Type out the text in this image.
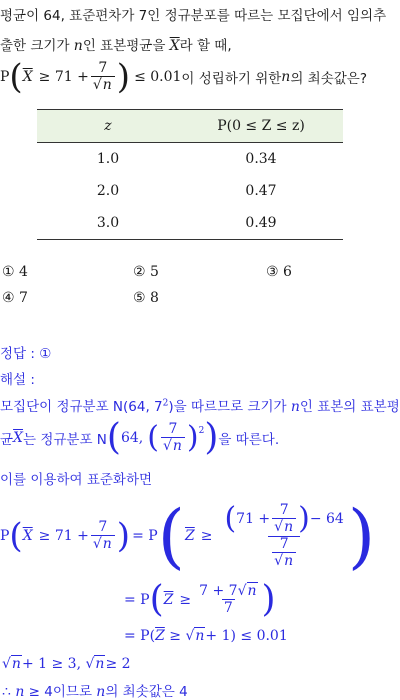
평균이 64, 표준편차가 7인 정규분포를 따르는 모집단에서 임의추
출한 크기가 n인 표본평균을 $\overline{X}$라 할 때,
P ( $\overline{X} \ge 71 + \frac{7}{√n}$ ) ≤ 0.01 이 성립하기 위한 n 의 최솟값은?
z	P(0 ≤ Z ≤ z)
1.0	0.34
2.0	0.47
3.0	0.49
① 4	② 5	③ 6
④ 7	⑤ 8
정답 : ①
해설 :
모집단이 정규분포 N(64, $7^2$)을 따르므로 크기가 n인 표본의 표본평
균 $\overline{X}$ 는 정규분포 N ( 64, ( $\frac{7}{√n} )^2$ ) 을 따른다.
이를 이용하여 표준화하면
P ( $\overline{X} \ge 71 + \frac{7}{√n}$ ) = P ( $\overline{Z} \ge \frac{( 71 + \frac{7}{√n} ) - 64}{\frac{7}{√n}}$ )
= P ( $\overline{Z} \ge \frac{7 + 7√n}{7}$ )
= $P(\overline{Z} \ge √n+ 1) \le 0.01$
√n+ 1 ≥ 3, √n≥ 2
∴ n ≥ 4이므로 n의 최솟값은 4
